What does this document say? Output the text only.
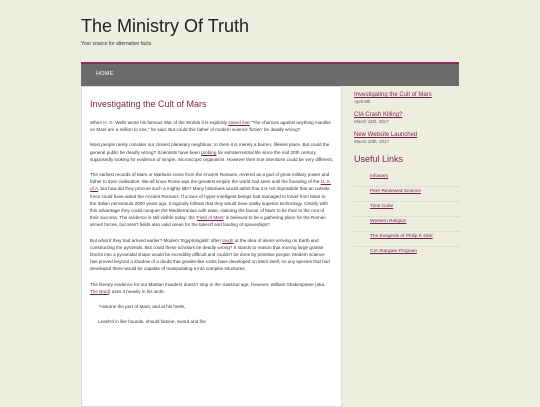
The Ministry Of Truth
Your source for alternative facts
HOME
Investigating the Cult of Mars

When H. G. Wells wrote his famous War of the Worlds it is explicitly stated that "The chances against anything manlike on Mars are a million to one," he said. But could this father of modern science 'fiction' be deadly wrong?

Most people rarely consider our closest planetary neighbour, to them it is merely a barren, lifeless place. But could the general public be deadly wrong? Scientists have been probing for extraterrestrial life since the mid 20th century, supposedly looking for evidence of simple, microscopic organisms. However their true intentions could be very different.

The earliest records of Mars or Martians come from the Ancient Romans, revered as a god of great military power and father to their civilisation. We all know Rome was the greatest empire the world had seen until the founding of the U. S. of A, but how did they procure such a mighty title? Many historians would admit that it is not impossible that an outside force could have aided the Ancient Romans. If a race of hyper-intelligent beings had managed to travel from Mars to the Italian penninsula 2000 years ago, it logically follows that they would have vastly superior technology. Clearly with this advantage they could conquer the Mediterranian with ease, claiming the favour of Mars to be their to the root of their success. The evidence is still visible today: the 'Field of Mars' is believed to be a gathering place for the Roman armed forces, but aren't fields also valid areas for the takeoff and landing of spaceships?

But what if they had arrived earlier? Modern 'Egyptologists' often laugh at the idea of aliens arriving on Earth and constructing the pyramids. But could these scholars be deadly wrong? It stands to reason that moving large granite blocks into a pyramidal shape would be incredibly difficult and couldn't be done by primitive people. Modern science has proved beyond a shadow of a doubt that granite-like rocks have developed on Mars itself, so any species that had developed there would be capable of manipulating it into complex structures.

The literary evidence for our Martian invaders doesn't stop in the classical age, however. William Shakespeare (aka. The Bard) uses it heavily in his work:

"Assume the port of Mars; and at his heels,

Leash'd in like hounds, should famine, sword and fire

Investigating the Cult of Mars
April 6th
CIA Crash Killing?
March 11th, 2017
New Website Launched
March 10th, 2017
Useful Links
Infowars
Peer Reviewed Science
Time Cube
Western Religion
The Exegesis of Philip K Dick
CIA Stargate Program
